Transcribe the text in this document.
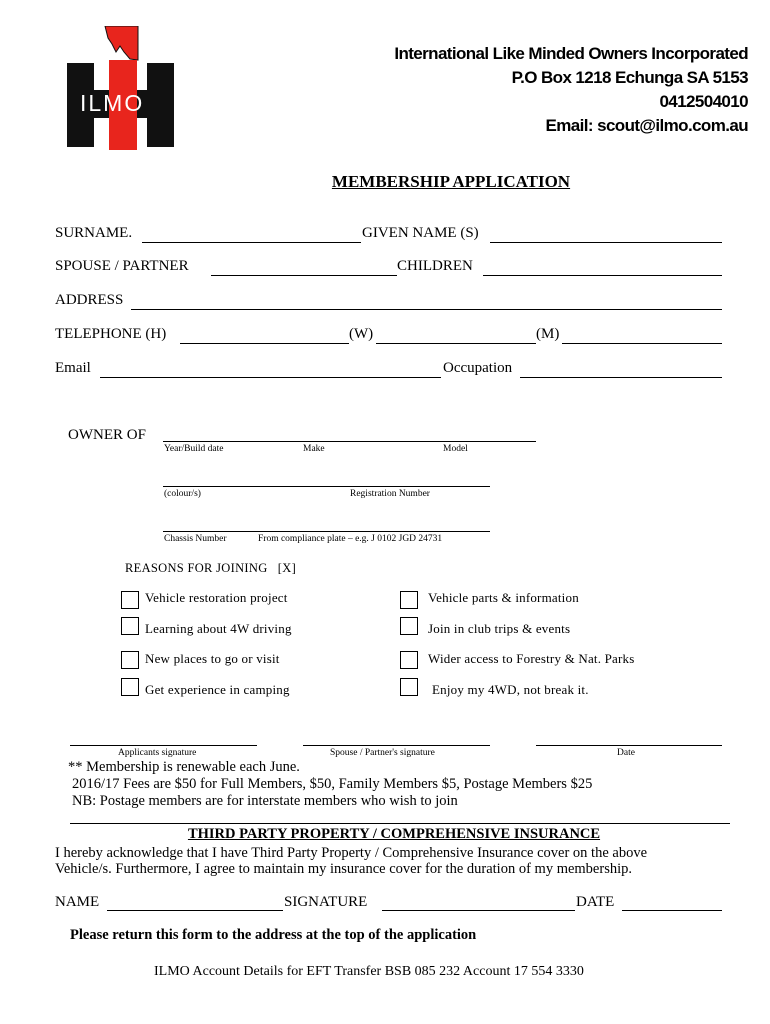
ILMO
International Like Minded Owners Incorporated
P.O Box 1218 Echunga SA 5153
0412504010
Email: scout@ilmo.com.au
MEMBERSHIP APPLICATION
SURNAME.	GIVEN NAME (S)
SPOUSE / PARTNER	CHILDREN
ADDRESS
TELEPHONE (H)	(W)	(M)
Email	Occupation
OWNER OF
Year/Build date	Make	Model
(colour/s)	Registration Number
Chassis Number	From compliance plate – e.g. J 0102 JGD 24731
REASONS FOR JOINING   [X]
Vehicle restoration project	Vehicle parts & information
Learning about 4W driving	Join in club trips & events
New places to go or visit	Wider access to Forestry & Nat. Parks
Get experience in camping	Enjoy my 4WD, not break it.
Applicants signature	Spouse / Partner's signature	Date
** Membership is renewable each June.
2016/17 Fees are $50 for Full Members, $50, Family Members $5, Postage Members $25
NB: Postage members are for interstate members who wish to join
THIRD PARTY PROPERTY / COMPREHENSIVE INSURANCE
I hereby acknowledge that I have Third Party Property / Comprehensive Insurance cover on the above
Vehicle/s. Furthermore, I agree to maintain my insurance cover for the duration of my membership.
NAME	SIGNATURE	DATE
Please return this form to the address at the top of the application
ILMO Account Details for EFT Transfer BSB 085 232 Account 17 554 3330
